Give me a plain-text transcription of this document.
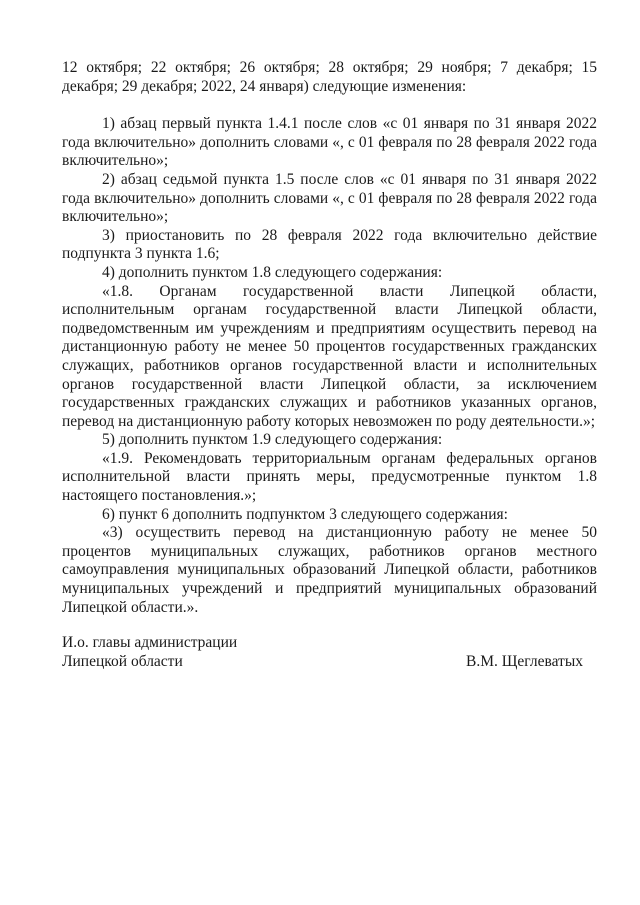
12 октября; 22 октября; 26 октября; 28 октября; 29 ноября; 7 декабря; 15 декабря; 29 декабря; 2022, 24 января) следующие изменения:

1) абзац первый пункта 1.4.1 после слов «с 01 января по 31 января 2022 года включительно» дополнить словами «, с 01 февраля по 28 февраля 2022 года включительно»;

2) абзац седьмой пункта 1.5 после слов «с 01 января по 31 января 2022 года включительно» дополнить словами «, с 01 февраля по 28 февраля 2022 года включительно»;

3) приостановить по 28 февраля 2022 года включительно действие подпункта 3 пункта 1.6;

4) дополнить пунктом 1.8 следующего содержания:

«1.8. Органам государственной власти Липецкой области, исполнительным органам государственной власти Липецкой области, подведомственным им учреждениям и предприятиям осуществить перевод на дистанционную работу не менее 50 процентов государственных гражданских служащих, работников органов государственной власти и исполнительных органов государственной власти Липецкой области, за исключением государственных гражданских служащих и работников указанных органов, перевод на дистанционную работу которых невозможен по роду деятельности.»;

5) дополнить пунктом 1.9 следующего содержания:

«1.9. Рекомендовать территориальным органам федеральных органов исполнительной власти принять меры, предусмотренные пунктом 1.8 настоящего постановления.»;

6) пункт 6 дополнить подпунктом 3 следующего содержания:

«3) осуществить перевод на дистанционную работу не менее 50 процентов муниципальных служащих, работников органов местного самоуправления муниципальных образований Липецкой области, работников муниципальных учреждений и предприятий муниципальных образований Липецкой области.».

И.о. главы администрации

Липецкой области	В.М. Щеглеватых
